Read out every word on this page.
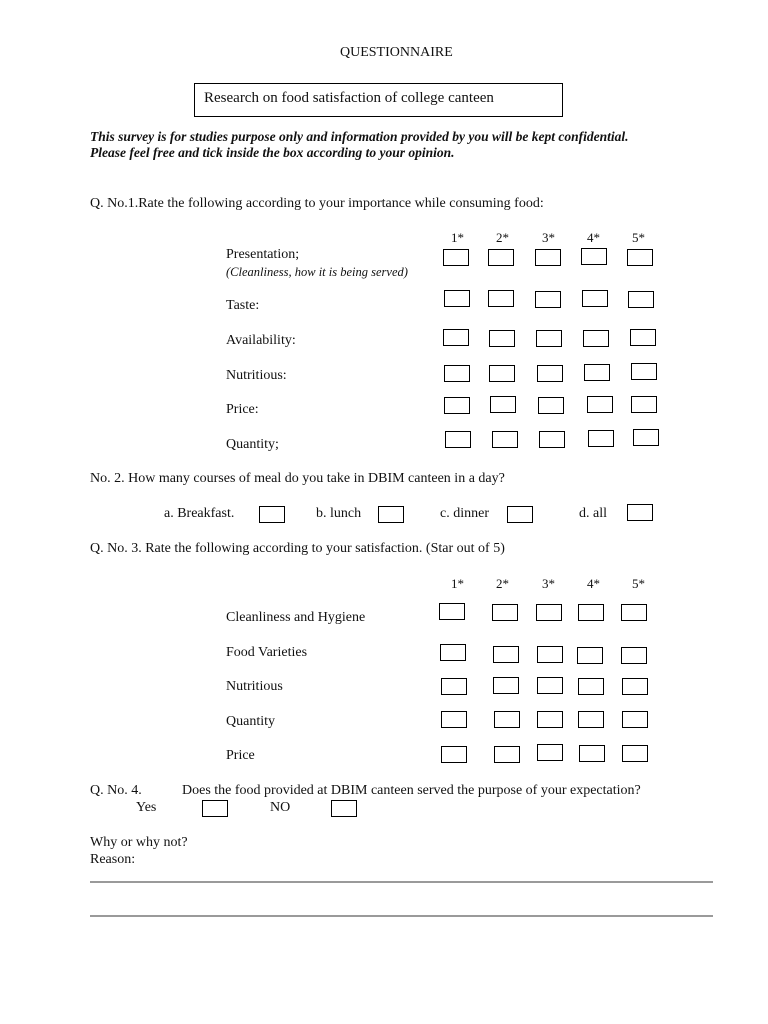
QUESTIONNAIRE
Research on food satisfaction of college canteen
This survey is for studies purpose only and information provided by you will be kept confidential.
Please feel free and tick inside the box according to your opinion.
Q. No.1.Rate the following according to your importance while consuming food:
1* 2*	3* 4* 5*
Presentation;
(Cleanliness, how it is being served)
Taste:
Availability:
Nutritious:
Price:
Quantity;
No. 2. How many courses of meal do you take in DBIM canteen in a day?
a. Breakfast.	b. lunch	c. dinner	d. all
Q. No. 3. Rate the following according to your satisfaction. (Star out of 5)
1* 2*	3* 4* 5*
Cleanliness and Hygiene
Food Varieties
Nutritious
Quantity
Price
Q. No. 4.	Does the food provided at DBIM canteen served the purpose of your expectation?
Yes	NO
Why or why not?
Reason:
